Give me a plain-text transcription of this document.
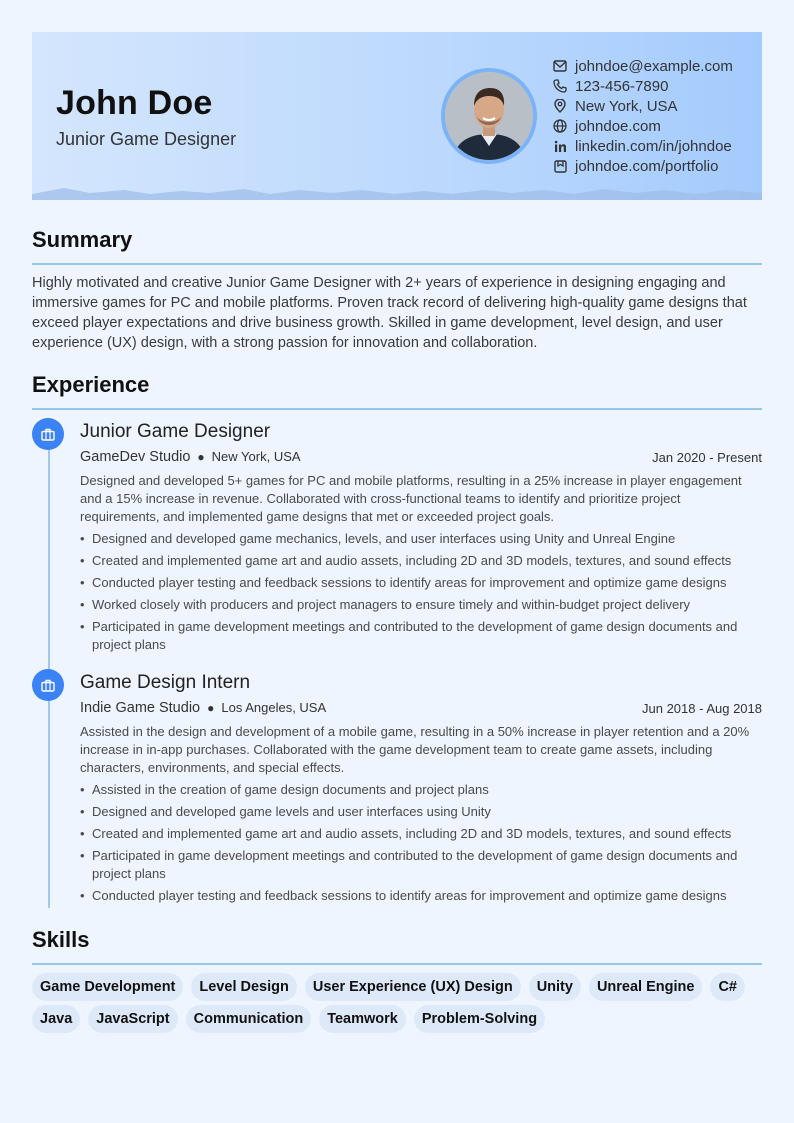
John Doe
Junior Game Designer
johndoe@example.com
123-456-7890
New York, USA
johndoe.com
linkedin.com/in/johndoe
johndoe.com/portfolio
Summary
Highly motivated and creative Junior Game Designer with 2+ years of experience in designing engaging and immersive games for PC and mobile platforms. Proven track record of delivering high-quality game designs that exceed player expectations and drive business growth. Skilled in game development, level design, and user experience (UX) design, with a strong passion for innovation and collaboration.
Experience
Junior Game Designer
GameDev Studio ● New York, USA	Jan 2020 - Present
Designed and developed 5+ games for PC and mobile platforms, resulting in a 25% increase in player engagement and a 15% increase in revenue. Collaborated with cross-functional teams to identify and prioritize project requirements, and implemented game designs that met or exceeded project goals.
• Designed and developed game mechanics, levels, and user interfaces using Unity and Unreal Engine
• Created and implemented game art and audio assets, including 2D and 3D models, textures, and sound effects
• Conducted player testing and feedback sessions to identify areas for improvement and optimize game designs
• Worked closely with producers and project managers to ensure timely and within-budget project delivery
• Participated in game development meetings and contributed to the development of game design documents and project plans
Game Design Intern
Indie Game Studio ● Los Angeles, USA	Jun 2018 - Aug 2018
Assisted in the design and development of a mobile game, resulting in a 50% increase in player retention and a 20% increase in in-app purchases. Collaborated with the game development team to create game assets, including characters, environments, and special effects.
• Assisted in the creation of game design documents and project plans
• Designed and developed game levels and user interfaces using Unity
• Created and implemented game art and audio assets, including 2D and 3D models, textures, and sound effects
• Participated in game development meetings and contributed to the development of game design documents and project plans
• Conducted player testing and feedback sessions to identify areas for improvement and optimize game designs
Skills
Game Development	Level Design	User Experience (UX) Design	Unity	Unreal Engine	C#
Java	JavaScript	Communication	Teamwork	Problem-Solving
